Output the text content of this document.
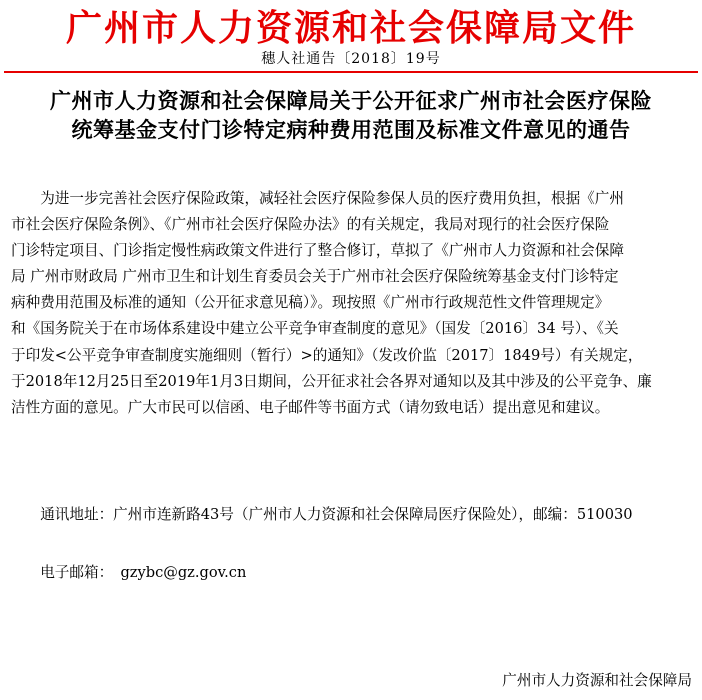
广州市人力资源和社会保障局文件
穗人社通告〔2018〕19号
广州市人力资源和社会保障局关于公开征求广州市社会医疗保险
统筹基金支付门诊特定病种费用范围及标准文件意见的通告
　　为进一步完善社会医疗保险政策，减轻社会医疗保险参保人员的医疗费用负担，根据《广州
市社会医疗保险条例》、《广州市社会医疗保险办法》的有关规定，我局对现行的社会医疗保险
门诊特定项目、门诊指定慢性病政策文件进行了整合修订，草拟了《广州市人力资源和社会保障
局 广州市财政局 广州市卫生和计划生育委员会关于广州市社会医疗保险统筹基金支付门诊特定
病种费用范围及标准的通知（公开征求意见稿）》。现按照《广州市行政规范性文件管理规定》
和《国务院关于在市场体系建设中建立公平竞争审查制度的意见》（国发〔2016〕34 号）、《关
于印发<公平竞争审查制度实施细则（暂行）>的通知》（发改价监〔2017〕1849号）有关规定，
于2018年12月25日至2019年1月3日期间，公开征求社会各界对通知以及其中涉及的公平竞争、廉
洁性方面的意见。广大市民可以信函、电子邮件等书面方式（请勿致电话）提出意见和建议。
　　通讯地址：广州市连新路43号（广州市人力资源和社会保障局医疗保险处），邮编：510030
　　电子邮箱：　gzybc@gz.gov.cn
广州市人力资源和社会保障局
